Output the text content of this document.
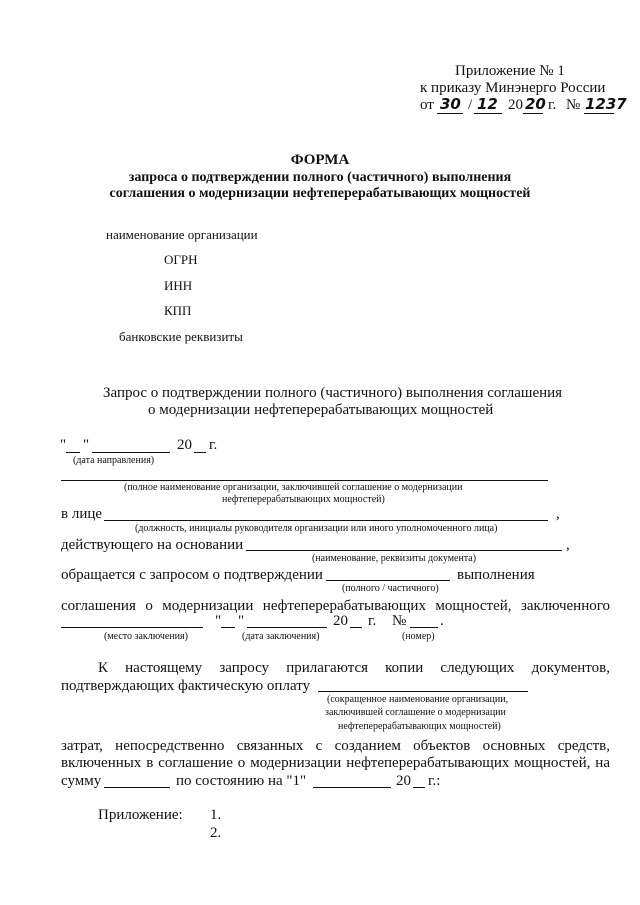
Приложение № 1
к приказу Минэнерго России
от 30 / 12 20 20 г. № 1237
ФОРМА
запроса о подтверждении полного (частичного) выполнения
соглашения о модернизации нефтеперерабатывающих мощностей
наименование организации
ОГРН
ИНН
КПП
банковские реквизиты
Запрос о подтверждении полного (частичного) выполнения соглашения
о модернизации нефтеперерабатывающих мощностей
" "	20 г.
(дата направления)
(полное наименование организации, заключившей соглашение о модернизации
нефтеперерабатывающих мощностей)
в лице	,
(должность, инициалы руководителя организации или иного уполномоченного лица)
действующего на основании	,
(наименование, реквизиты документа)
обращается с запросом о подтверждении	выполнения
(полного / частичного)
соглашения о модернизации нефтеперерабатывающих мощностей, заключенного
" "	20 г. № .
(место заключения)	(дата заключения)	(номер)
К настоящему запросу прилагаются копии следующих документов,
подтверждающих фактическую оплату
(сокращенное наименование организации,
заключившей соглашение о модернизации
нефтеперерабатывающих мощностей)
затрат, непосредственно связанных с созданием объектов основных средств,
включенных в соглашение о модернизации нефтеперерабатывающих мощностей, на
сумму	по состоянию на "1"	20 г.:
Приложение: 1.
2.
